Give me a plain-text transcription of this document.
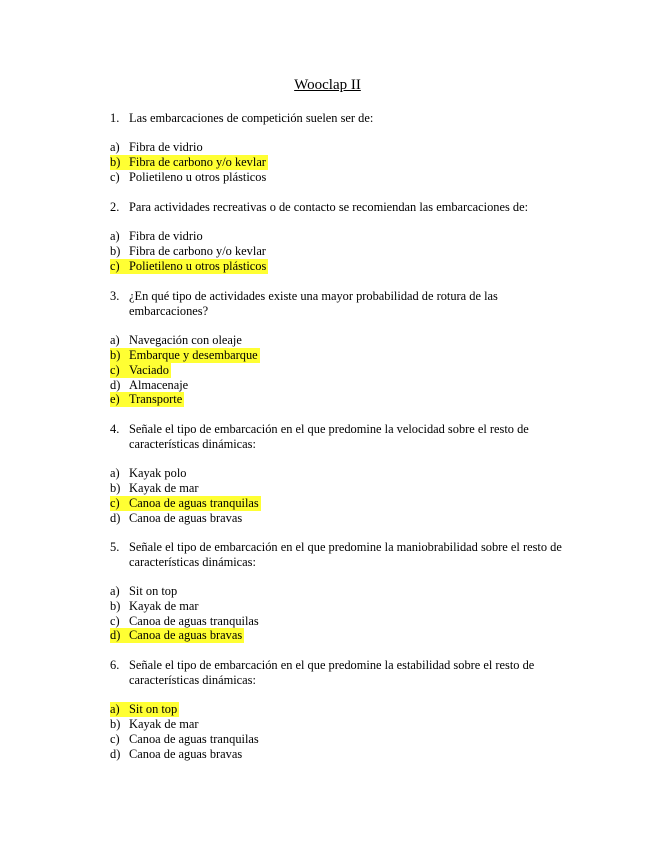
Wooclap II
1. Las embarcaciones de competición suelen ser de:
a) Fibra de vidrio
b) Fibra de carbono y/o kevlar
c) Polietileno u otros plásticos
2. Para actividades recreativas o de contacto se recomiendan las embarcaciones de:
a) Fibra de vidrio
b) Fibra de carbono y/o kevlar
c) Polietileno u otros plásticos
3. ¿En qué tipo de actividades existe una mayor probabilidad de rotura de las embarcaciones?
a) Navegación con oleaje
b) Embarque y desembarque
c) Vaciado
d) Almacenaje
e) Transporte
4. Señale el tipo de embarcación en el que predomine la velocidad sobre el resto de características dinámicas:
a) Kayak polo
b) Kayak de mar
c) Canoa de aguas tranquilas
d) Canoa de aguas bravas
5. Señale el tipo de embarcación en el que predomine la maniobrabilidad sobre el resto de características dinámicas:
a) Sit on top
b) Kayak de mar
c) Canoa de aguas tranquilas
d) Canoa de aguas bravas
6. Señale el tipo de embarcación en el que predomine la estabilidad sobre el resto de características dinámicas:
a) Sit on top
b) Kayak de mar
c) Canoa de aguas tranquilas
d) Canoa de aguas bravas
